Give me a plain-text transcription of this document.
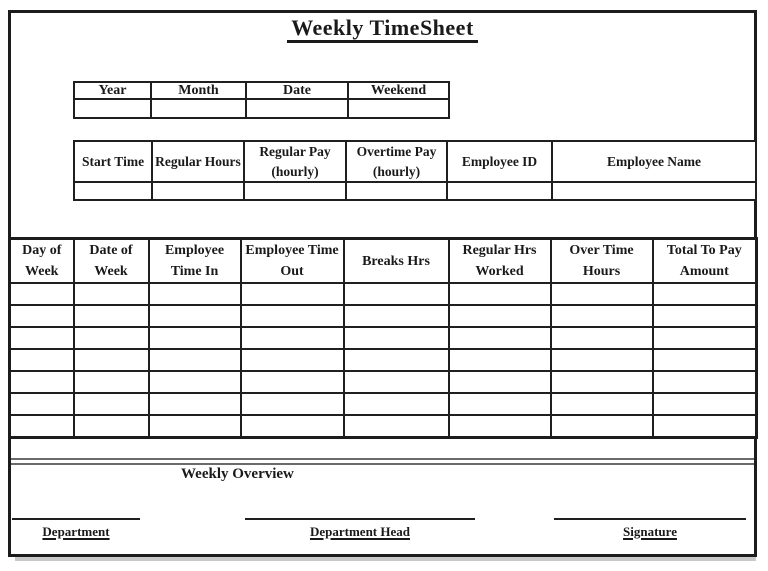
Weekly TimeSheet
Year	Month	Date	Weekend

Start Time	Regular Hours	Regular Pay (hourly)	Overtime Pay (hourly)	Employee ID	Employee Name

Day of Week	Date of Week	Employee Time In	Employee Time Out	Breaks Hrs	Regular Hrs Worked	Over Time Hours	Total To Pay Amount

Weekly Overview
Department	Department Head	Signature
